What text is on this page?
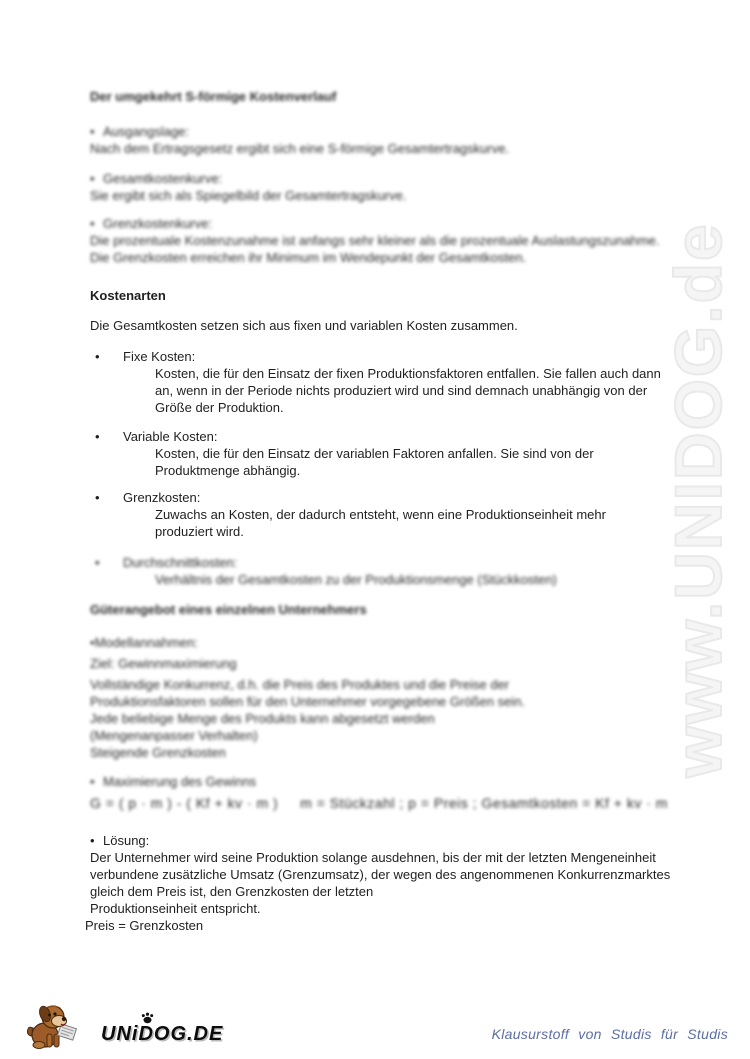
www.UNIDOG.de
Der umgekehrt S-förmige Kostenverlauf
• Ausgangslage:
Nach dem Ertragsgesetz ergibt sich eine S-förmige Gesamtertragskurve.
• Gesamtkostenkurve:
Sie ergibt sich als Spiegelbild der Gesamtertragskurve.
• Grenzkostenkurve:
Die prozentuale Kostenzunahme ist anfangs sehr kleiner als die prozentuale Auslastungszunahme. Die Grenzkosten erreichen ihr Minimum im Wendepunkt der Gesamtkosten.
Kostenarten
Die Gesamtkosten setzen sich aus fixen und variablen Kosten zusammen.
• Fixe Kosten:
Kosten, die für den Einsatz der fixen Produktionsfaktoren entfallen. Sie fallen auch dann an, wenn in der Periode nichts produziert wird und sind demnach unabhängig von der Größe der Produktion.
• Variable Kosten:
Kosten, die für den Einsatz der variablen Faktoren anfallen. Sie sind von der Produktmenge abhängig.
• Grenzkosten:
Zuwachs an Kosten, der dadurch entsteht, wenn eine Produktionseinheit mehr produziert wird.
• Durchschnittkosten:
Verhältnis der Gesamtkosten zu der Produktionsmenge (Stückkosten)
Güterangebot eines einzelnen Unternehmers
•Modellannahmen:
Ziel: Gewinnmaximierung
Vollständige Konkurrenz, d.h. die Preis des Produktes und die Preise der
Produktionsfaktoren sollen für den Unternehmer vorgegebene Größen sein.
Jede beliebige Menge des Produkts kann abgesetzt werden
(Mengenanpasser Verhalten)
Steigende Grenzkosten
• Maximierung des Gewinns
G = ( p · m ) - ( Kf + kv · m ) m = Stückzahl ; p = Preis ; Gesamtkosten = Kf + kv · m
• Lösung:
Der Unternehmer wird seine Produktion solange ausdehnen, bis der mit der letzten Mengeneinheit
verbundene zusätzliche Umsatz (Grenzumsatz), der wegen des angenommenen Konkurrenzmarktes
gleich dem Preis ist, den Grenzkosten der letzten
Produktionseinheit entspricht.
Preis = Grenzkosten
UNiDOG.DE	Klausurstoff von Studis für Studis
